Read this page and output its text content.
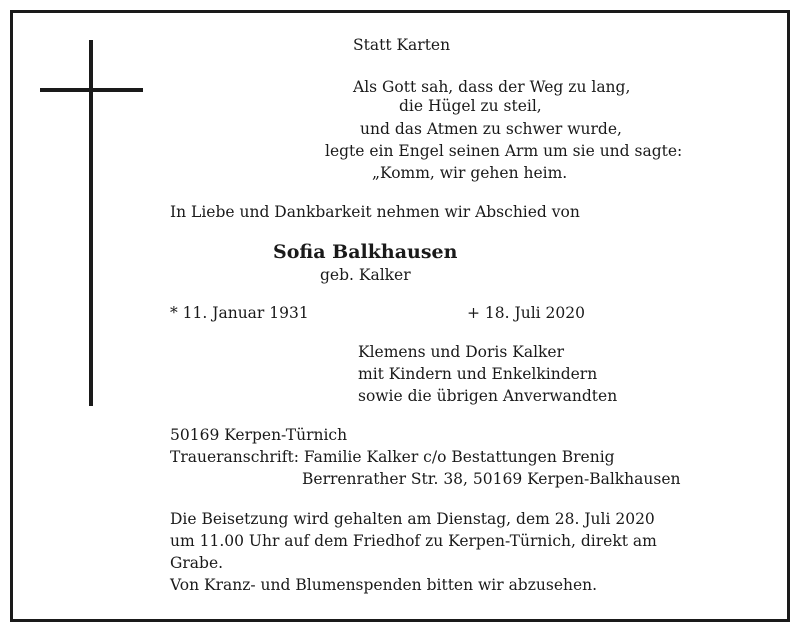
Statt Karten

Als Gott sah, dass der Weg zu lang,

die Hügel zu steil,

und das Atmen zu schwer wurde,

legte ein Engel seinen Arm um sie und sagte:

„Komm, wir gehen heim.

In Liebe und Dankbarkeit nehmen wir Abschied von

Sofia Balkhausen

geb. Kalker

* 11. Januar 1931	+ 18. Juli 2020

Klemens und Doris Kalker

mit Kindern und Enkelkindern

sowie die übrigen Anverwandten

50169 Kerpen-Türnich

Traueranschrift: Familie Kalker c/o Bestattungen Brenig

Berrenrather Str. 38, 50169 Kerpen-Balkhausen

Die Beisetzung wird gehalten am Dienstag, dem 28. Juli 2020

um 11.00 Uhr auf dem Friedhof zu Kerpen-Türnich, direkt am

Grabe.

Von Kranz- und Blumenspenden bitten wir abzusehen.
